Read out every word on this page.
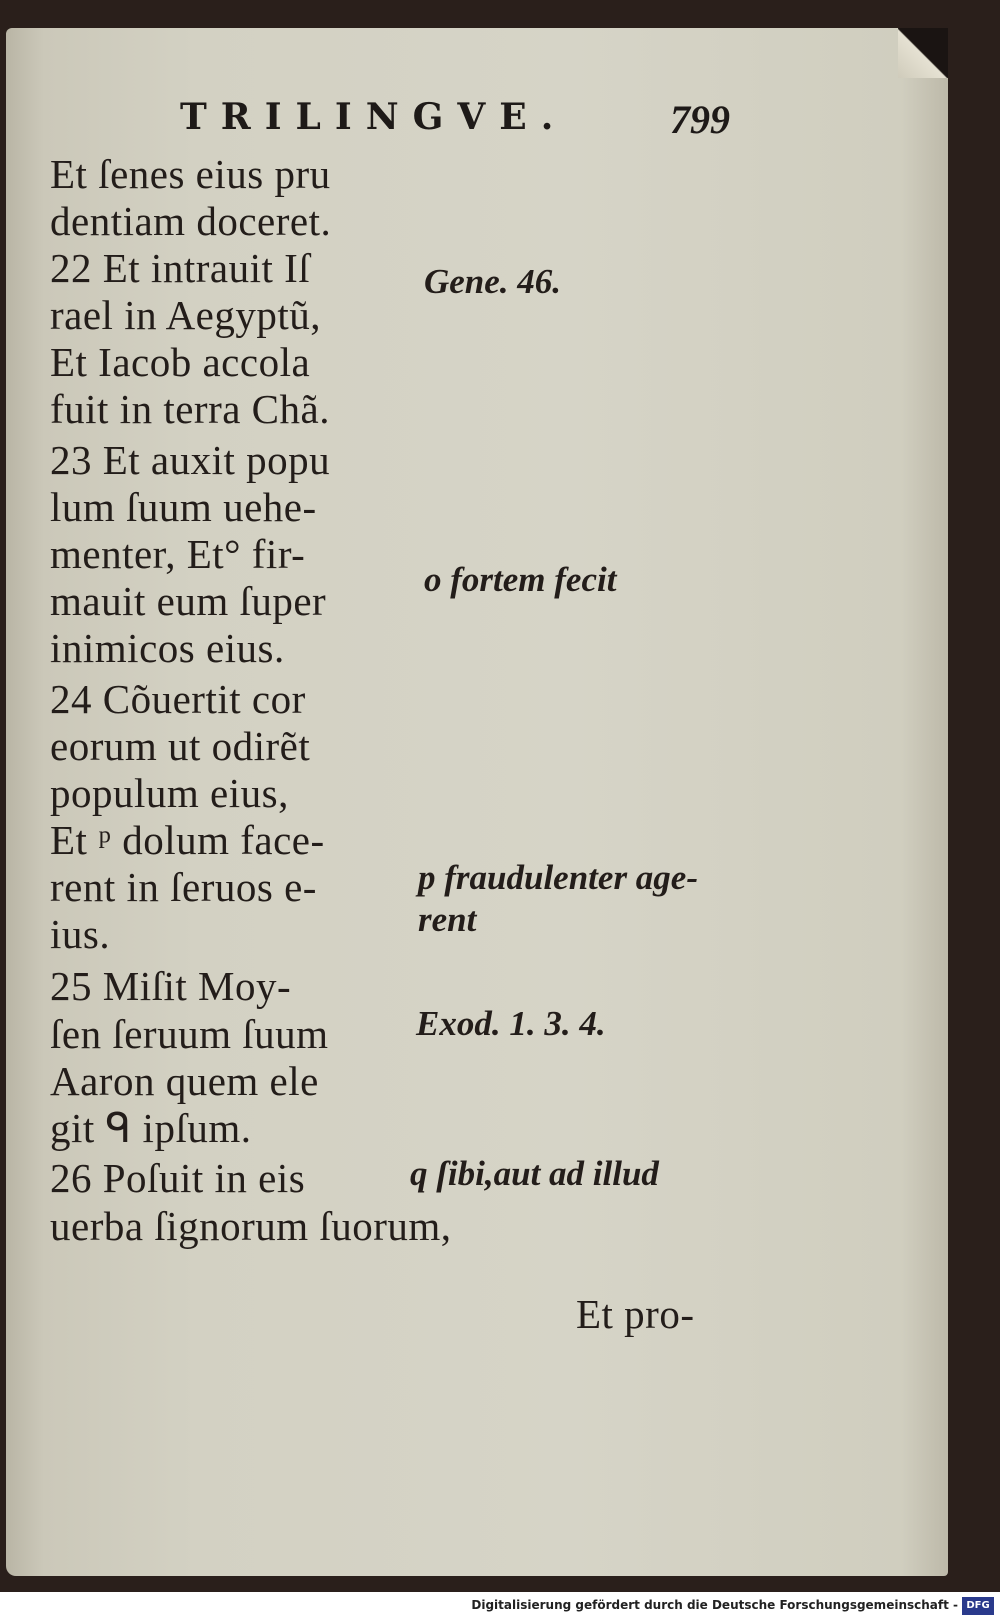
TRILINGVE.	799

Et ſenes eius pru

dentiam doceret.

22 Et intrauit Iſ

rael in Aegyptũ,

Et Iacob accola

fuit in terra Chã.

23 Et auxit popu

lum ſuum uehe-

menter, Et° fir-

mauit eum ſuper

inimicos eius.

24 Cõuertit cor

eorum ut odirẽt

populum eius,

Et ᵖ dolum face-

rent in ſeruos e-

ius.

25 Miſit Moy-

ſen ſeruum ſuum

Aaron quem ele

git ᑫ ipſum.

26 Poſuit in eis

uerba ſignorum ſuorum,

Et pro-

Gene. 46.

o fortem fecit

p fraudulenter age-

rent

Exod. 1. 3. 4.

q ſibi,aut ad illud

Digitalisierung gefördert durch die Deutsche Forschungsgemeinschaft - DFG
